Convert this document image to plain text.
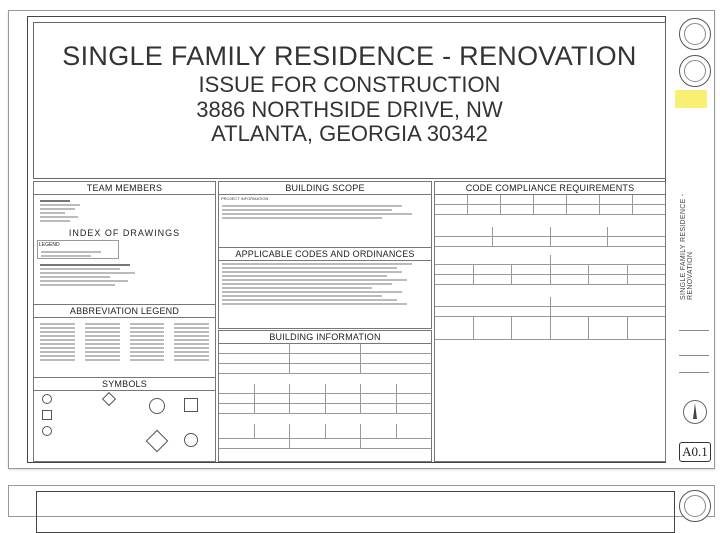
SINGLE FAMILY RESIDENCE - RENOVATION
ISSUE FOR CONSTRUCTION
3886 NORTHSIDE DRIVE, NW
ATLANTA, GEORGIA 30342
TEAM MEMBERS
INDEX OF DRAWINGS
LEGEND
ABBREVIATION LEGEND
SYMBOLS
BUILDING SCOPE
PROJECT INFORMATION
APPLICABLE CODES AND ORDINANCES
BUILDING INFORMATION
CODE COMPLIANCE REQUIREMENTS
SINGLE FAMILY RESIDENCE - RENOVATION
A0.1
